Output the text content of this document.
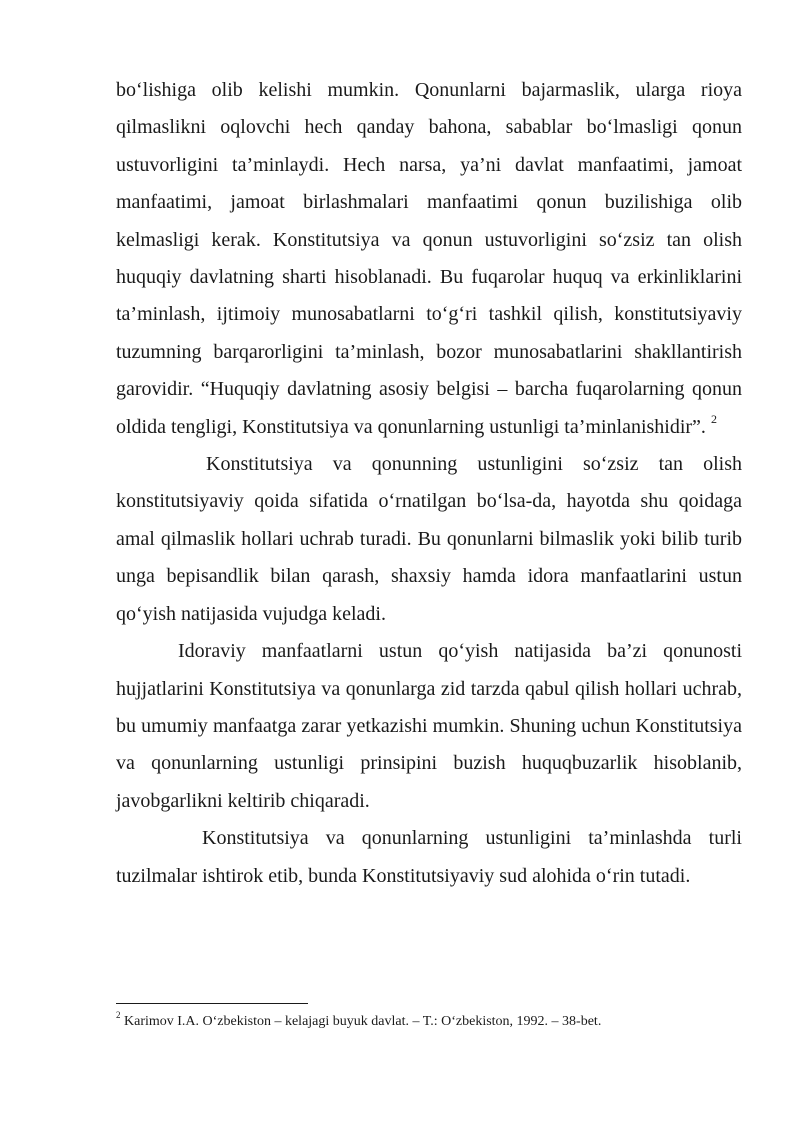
bo‘lishiga olib kelishi mumkin. Qonunlarni bajarmaslik, ularga rioya qilmaslikni oqlovchi hech qanday bahona, sabablar bo‘lmasligi qonun ustuvorligini ta’minlaydi. Hech narsa, ya’ni davlat manfaatimi, jamoat manfaatimi, jamoat birlashmalari manfaatimi qonun buzilishiga olib kelmasligi kerak. Konstitutsiya va qonun ustuvorligini so‘zsiz tan olish huquqiy davlatning sharti hisoblanadi. Bu fuqarolar huquq va erkinliklarini ta’minlash, ijtimoiy munosabatlarni to‘g‘ri tashkil qilish, konstitutsiyaviy tuzumning barqarorligini ta’minlash, bozor munosabatlarini shakllantirish garovidir. “Huquqiy davlatning asosiy belgisi – barcha fuqarolarning qonun oldida tengligi, Konstitutsiya va qonunlarning ustunligi ta’minlanishidir”. $^2$

Konstitutsiya va qonunning ustunligini so‘zsiz tan olish konstitutsiyaviy qoida sifatida o‘rnatilgan bo‘lsa-da, hayotda shu qoidaga amal qilmaslik hollari uchrab turadi. Bu qonunlarni bilmaslik yoki bilib turib unga bepisandlik bilan qarash, shaxsiy hamda idora manfaatlarini ustun qo‘yish natijasida vujudga keladi.

Idoraviy manfaatlarni ustun qo‘yish natijasida ba’zi qonunosti hujjatlarini Konstitutsiya va qonunlarga zid tarzda qabul qilish hollari uchrab, bu umumiy manfaatga zarar yetkazishi mumkin. Shuning uchun Konstitutsiya va qonunlarning ustunligi prinsipini buzish huquqbuzarlik hisoblanib, javobgarlikni keltirib chiqaradi.

Konstitutsiya va qonunlarning ustunligini ta’minlashda turli tuzilmalar ishtirok etib, bunda Konstitutsiyaviy sud alohida o‘rin tutadi.

$^2$ Karimov I.A. O‘zbekiston – kelajagi buyuk davlat. – T.: O‘zbekiston, 1992. – 38-bet.
